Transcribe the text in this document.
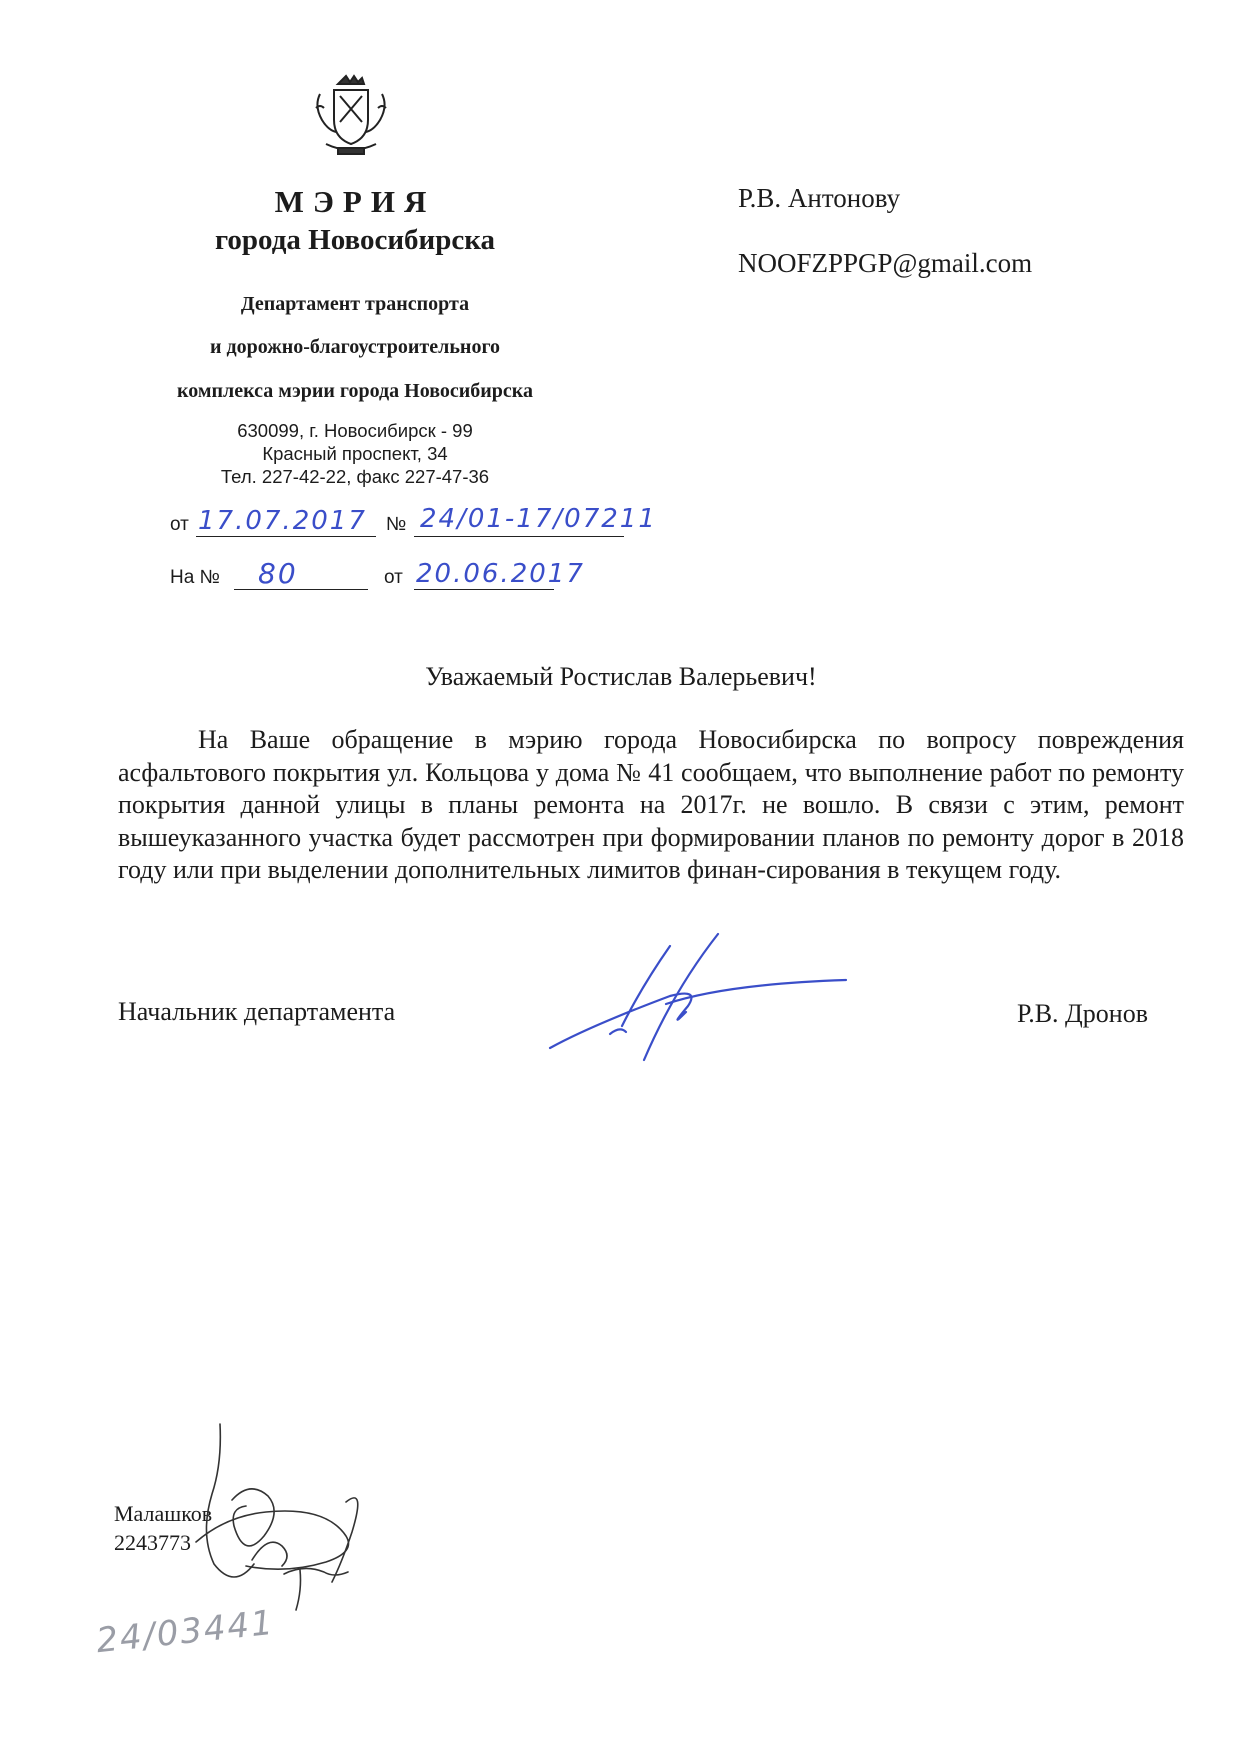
МЭРИЯ
города Новосибирска
Департамент транспорта
и дорожно-благоустроительного
комплекса мэрии города Новосибирска
630099, г. Новосибирск - 99
Красный проспект, 34
Тел. 227-42-22, факс 227-47-36
от 17.07.2017 № 24/01-17/07211
На № 80	от 20.06.2017
Р.В. Антонову
NOOFZPPGP@gmail.com
Уважаемый Ростислав Валерьевич!
На Ваше обращение в мэрию города Новосибирска по вопросу повреждения асфальтового покрытия ул. Кольцова у дома № 41 сообщаем, что выполнение работ по ремонту покрытия данной улицы в планы ремонта на 2017г. не вошло. В связи с этим, ремонт вышеуказанного участка будет рассмотрен при формировании планов по ремонту дорог в 2018 году или при выделении дополнительных лимитов финан-сирования в текущем году.
Начальник департамента	Р.В. Дронов
Малашков
2243773
24/03441
